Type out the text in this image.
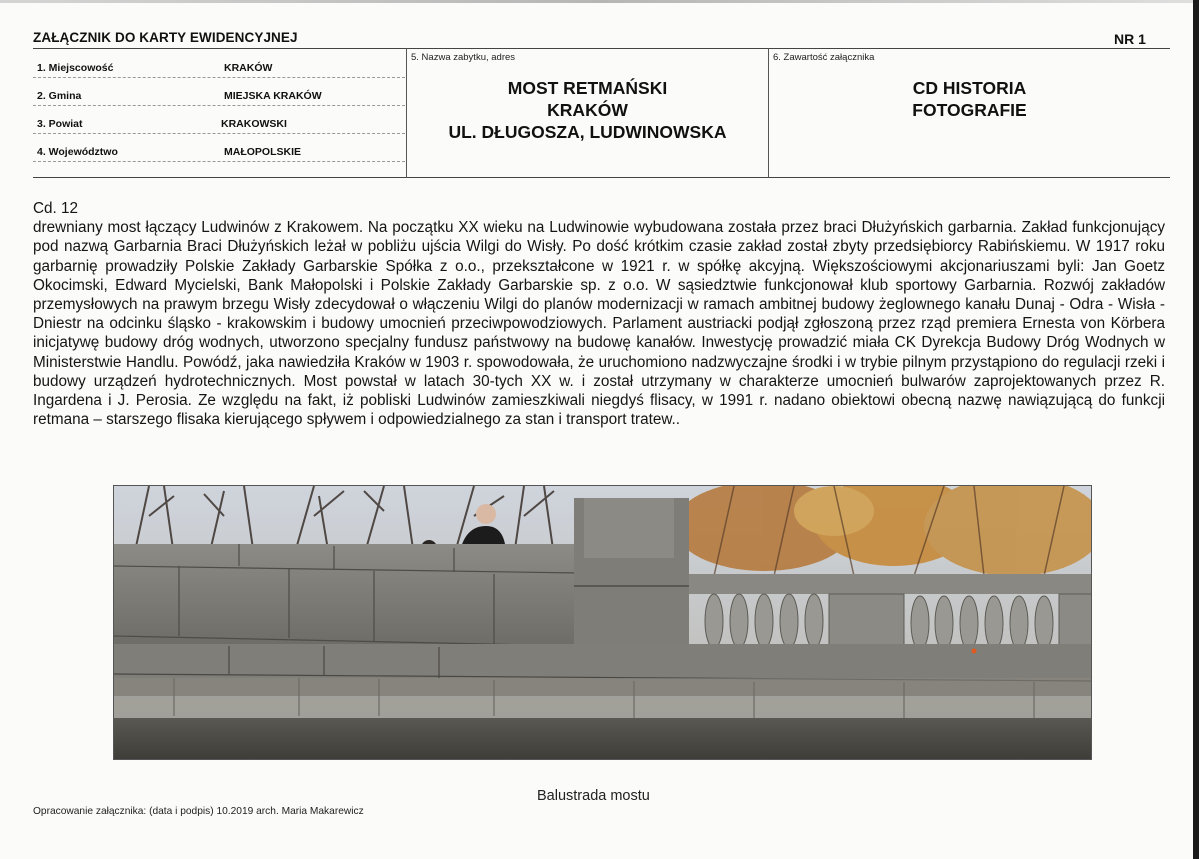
ZAŁĄCZNIK DO KARTY EWIDENCYJNEJ	NR 1
1. Miejscowość	KRAKÓW
2. Gmina	MIEJSKA KRAKÓW
3. Powiat	KRAKOWSKI
4. Województwo	MAŁOPOLSKIE
5. Nazwa zabytku, adres
MOST RETMAŃSKI
KRAKÓW
UL. DŁUGOSZA, LUDWINOWSKA
6. Zawartość załącznika
CD HISTORIA
FOTOGRAFIE
Cd. 12
drewniany most łączący Ludwinów z Krakowem. Na początku XX wieku na Ludwinowie wybudowana została przez braci Dłużyńskich garbarnia. Zakład funkcjonujący pod nazwą Garbarnia Braci Dłużyńskich leżał w pobliżu ujścia Wilgi do Wisły. Po dość krótkim czasie zakład został zbyty przedsiębiorcy Rabińskiemu. W 1917 roku garbarnię prowadziły Polskie Zakłady Garbarskie Spółka z o.o., przekształcone w 1921 r. w spółkę akcyjną. Większościowymi akcjonariuszami byli: Jan Goetz Okocimski, Edward Mycielski, Bank Małopolski i Polskie Zakłady Garbarskie sp. z o.o. W sąsiedztwie funkcjonował klub sportowy Garbarnia. Rozwój zakładów przemysłowych na prawym brzegu Wisły zdecydował o włączeniu Wilgi do planów modernizacji w ramach ambitnej budowy żeglownego kanału Dunaj - Odra - Wisła - Dniestr na odcinku śląsko - krakowskim i budowy umocnień przeciwpowodziowych. Parlament austriacki podjął zgłoszoną przez rząd premiera Ernesta von Körbera inicjatywę budowy dróg wodnych, utworzono specjalny fundusz państwowy na budowę kanałów. Inwestycję prowadzić miała CK Dyrekcja Budowy Dróg Wodnych w Ministerstwie Handlu. Powódź, jaka nawiedziła Kraków w 1903 r. spowodowała, że uruchomiono nadzwyczajne środki i w trybie pilnym przystąpiono do regulacji rzeki i budowy urządzeń hydrotechnicznych. Most powstał w latach 30-tych XX w. i został utrzymany w charakterze umocnień bulwarów zaprojektowanych przez R. Ingardena i J. Perosia. Ze względu na fakt, iż pobliski Ludwinów zamieszkiwali niegdyś flisacy, w 1991 r. nadano obiektowi obecną nazwę nawiązującą do funkcji retmana – starszego flisaka kierującego spływem i odpowiedzialnego za stan i transport tratew..
Balustrada mostu
Opracowanie załącznika: (data i podpis) 10.2019 arch. Maria Makarewicz
